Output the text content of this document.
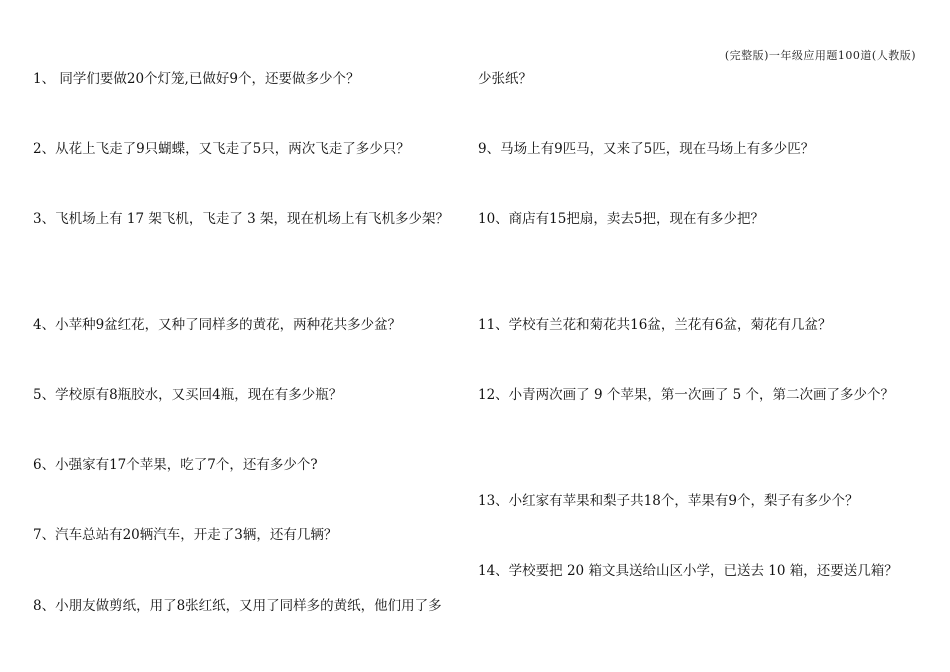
(完整版)一年级应用题100道(人教版)
1、 同学们要做20个灯笼,已做好9个，还要做多少个？
2、从花上飞走了9只蝴蝶，又飞走了5只，两次飞走了多少只？
3、飞机场上有 17 架飞机，飞走了 3 架，现在机场上有飞机多少架？
4、小苹种9盆红花，又种了同样多的黄花，两种花共多少盆？
5、学校原有8瓶胶水，又买回4瓶，现在有多少瓶？
6、小强家有17个苹果，吃了7个，还有多少个?
7、汽车总站有20辆汽车，开走了3辆，还有几辆？
8、小朋友做剪纸，用了8张红纸，又用了同样多的黄纸，他们用了多
少张纸？
9、马场上有9匹马，又来了5匹，现在马场上有多少匹？
10、商店有15把扇，卖去5把，现在有多少把？
11、学校有兰花和菊花共16盆，兰花有6盆，菊花有几盆？
12、小青两次画了 9 个苹果，第一次画了 5 个，第二次画了多少个？
13、小红家有苹果和梨子共18个，苹果有9个，梨子有多少个？
14、学校要把 20 箱文具送给山区小学，已送去 10 箱，还要送几箱？
